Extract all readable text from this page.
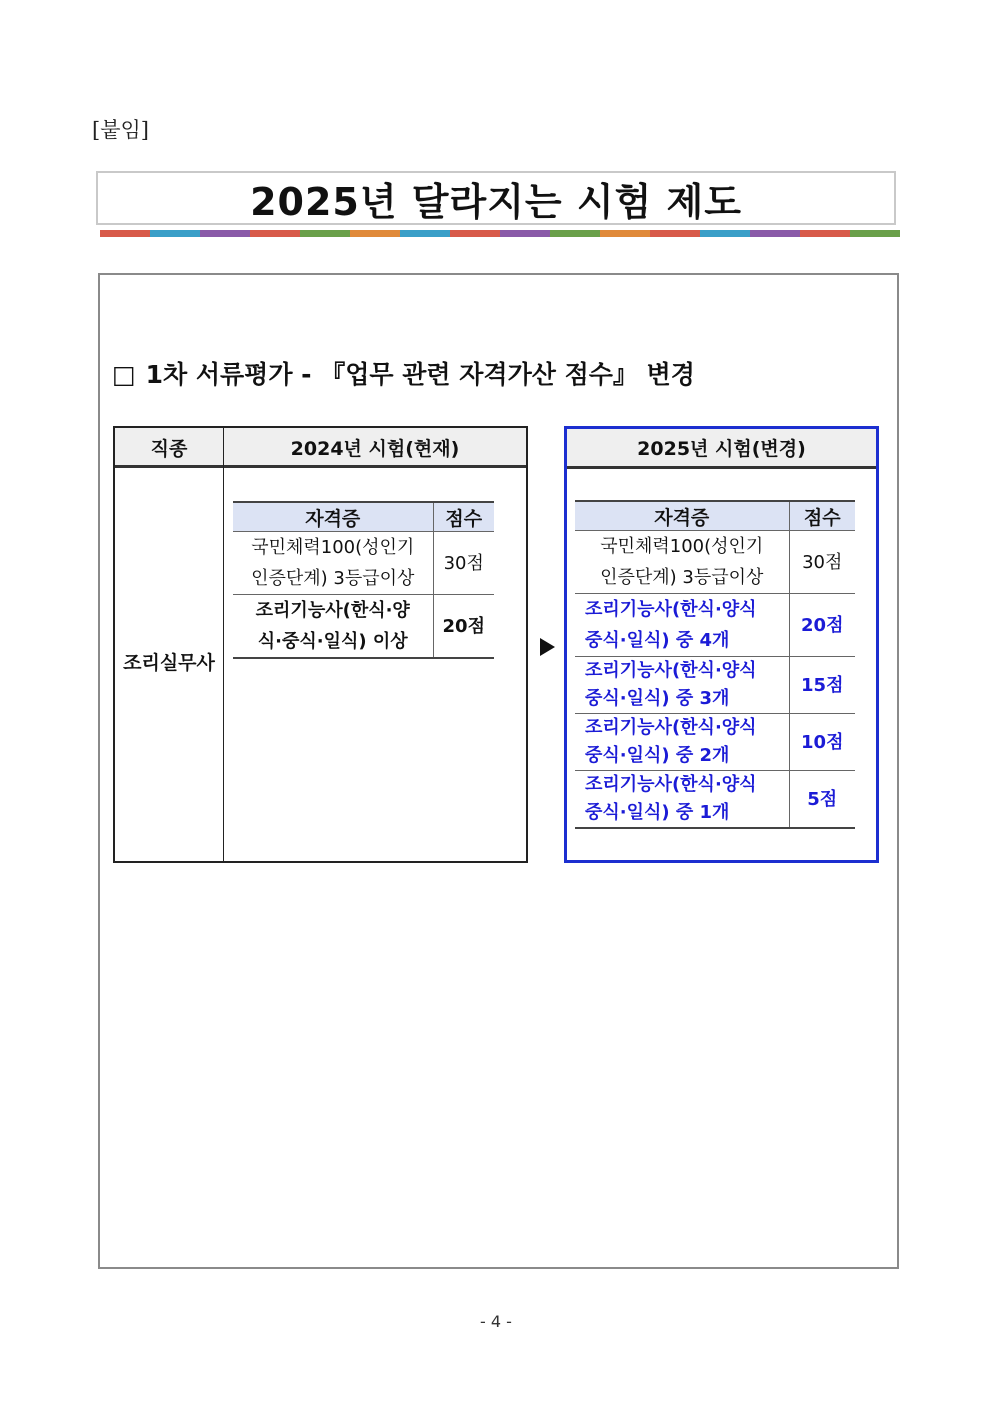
[붙임]
2025년 달라지는 시험 제도
□ 1차 서류평가 - 『업무 관련 자격가산 점수』 변경
직종	2024년 시험(현재)
조리실무사
자격증	점수

국민체력100(성인기
인증단계) 3등급이상	30점

조리기능사(한식·양
식·중식·일식) 이상	20점
2025년 시험(변경)
자격증	점수

국민체력100(성인기
인증단계) 3등급이상	30점

조리기능사(한식·양식
중식·일식) 중 4개	20점

조리기능사(한식·양식
중식·일식) 중 3개	15점

조리기능사(한식·양식
중식·일식) 중 2개	10점

조리기능사(한식·양식
중식·일식) 중 1개	5점
- 4 -
